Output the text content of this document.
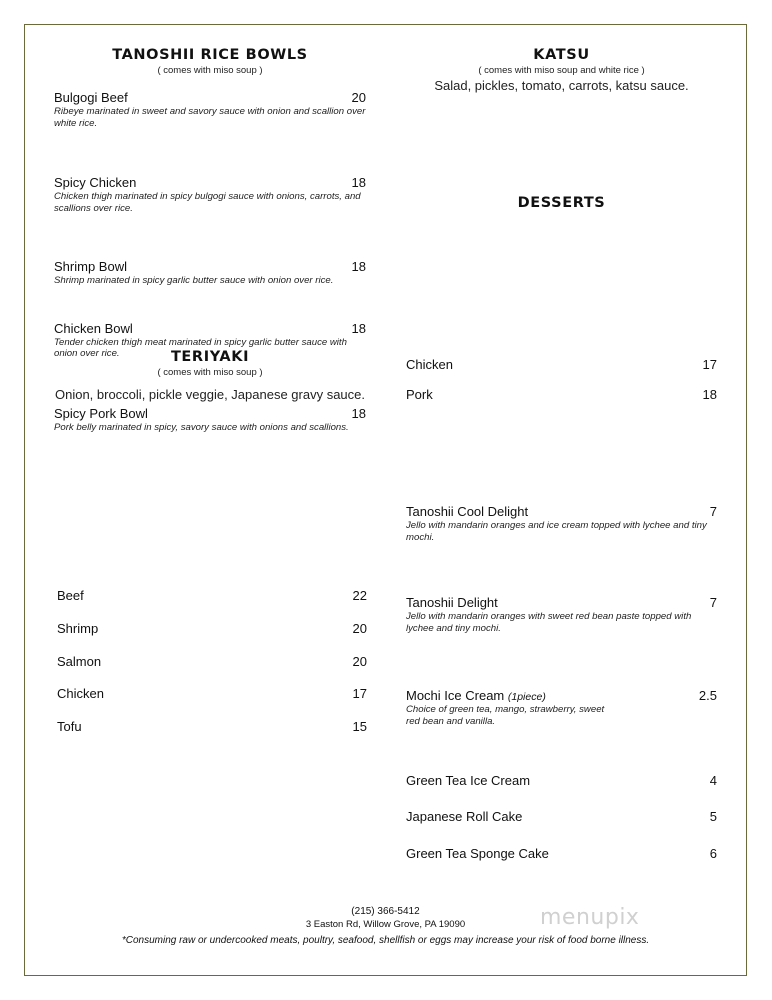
TANOSHII RICE BOWLS
( comes with miso soup )
Bulgogi Beef	20
Ribeye marinated in sweet and savory sauce with onion and scallion over white rice.
Spicy Chicken	18
Chicken thigh marinated in spicy bulgogi sauce with onions, carrots, and scallions over rice.
Shrimp Bowl	18
Shrimp marinated in spicy garlic butter sauce with onion over rice.
Chicken Bowl	18
Tender chicken thigh meat marinated in spicy garlic butter sauce with onion over rice.
Spicy Pork Bowl	18
Pork belly marinated in spicy, savory sauce with onions and scallions.
TERIYAKI
( comes with miso soup )
Onion, broccoli, pickle veggie, Japanese gravy sauce.
Beef	22
Shrimp	20
Salmon	20
Chicken	17
Tofu	15
KATSU
( comes with miso soup and white rice )
Salad, pickles, tomato, carrots, katsu sauce.
Chicken	17
Pork	18
DESSERTS
Tanoshii Cool Delight	7
Jello with mandarin oranges and ice cream topped with lychee and tiny mochi.
Tanoshii Delight	7
Jello with mandarin oranges with sweet red bean paste topped with lychee and tiny mochi.
Mochi Ice Cream (1piece)	2.5
Choice of green tea, mango, strawberry, sweet red bean and vanilla.
Green Tea Ice Cream	4
Japanese Roll Cake	5
Green Tea Sponge Cake	6
menupix
(215) 366-5412
3 Easton Rd, Willow Grove, PA 19090
*Consuming raw or undercooked meats, poultry, seafood, shellfish or eggs may increase your risk of food borne illness.
